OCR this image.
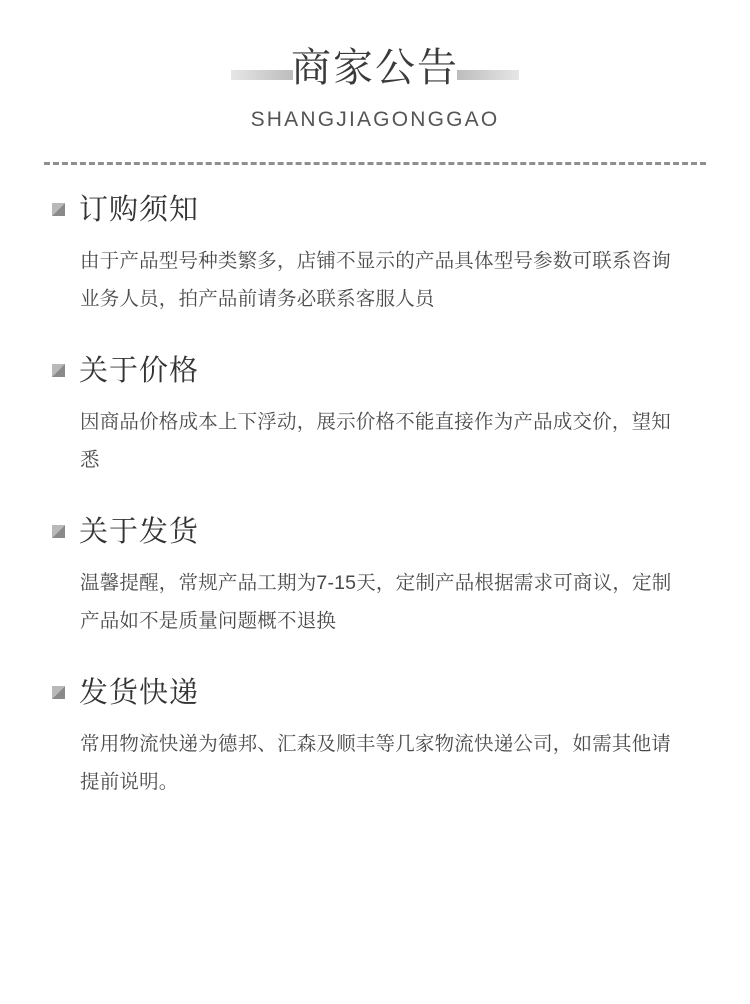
商家公告
SHANGJIAGONGGAO
订购须知
由于产品型号种类繁多，店铺不显示的产品具体型号参数可联系咨询业务人员，拍产品前请务必联系客服人员
关于价格
因商品价格成本上下浮动，展示价格不能直接作为产品成交价，望知悉
关于发货
温馨提醒，常规产品工期为7-15天，定制产品根据需求可商议，定制产品如不是质量问题概不退换
发货快递
常用物流快递为德邦、汇森及顺丰等几家物流快递公司，如需其他请提前说明。
